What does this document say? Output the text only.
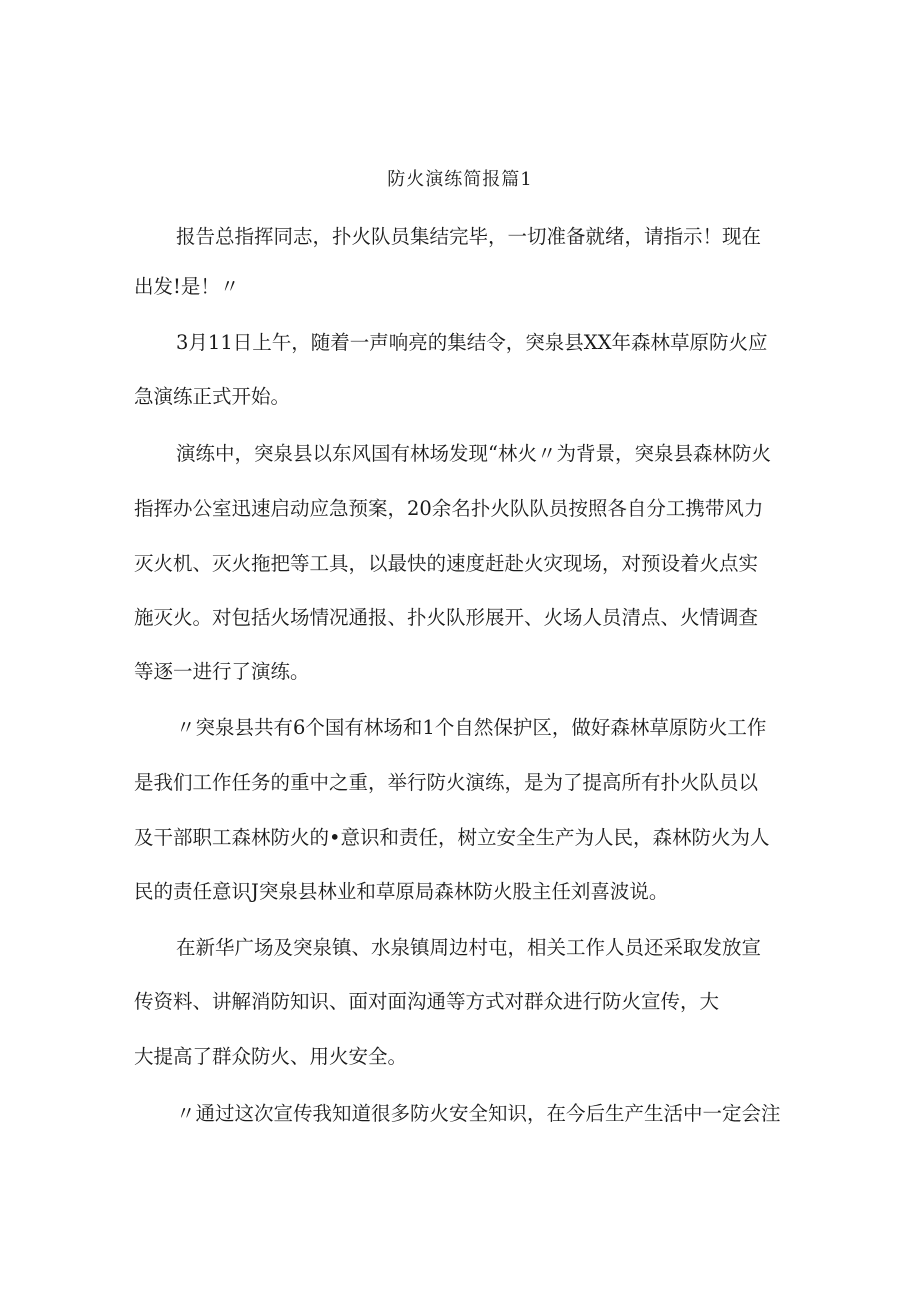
防火演练简报篇1
报告总指挥同志，扑火队员集结完毕，一切准备就绪，请指示！现在
出发!是！〃
3月11日上午，随着一声响亮的集结令，突泉县XX年森林草原防火应
急演练正式开始。
演练中，突泉县以东风国有林场发现“林火〃为背景，突泉县森林防火
指挥办公室迅速启动应急预案，20余名扑火队队员按照各自分工携带风力
灭火机、灭火拖把等工具，以最快的速度赶赴火灾现场，对预设着火点实
施灭火。对包括火场情况通报、扑火队形展开、火场人员清点、火情调查
等逐一进行了演练。
〃突泉县共有6个国有林场和1个自然保护区，做好森林草原防火工作
是我们工作任务的重中之重，举行防火演练，是为了提高所有扑火队员以
及干部职工森林防火的•意识和责任，树立安全生产为人民，森林防火为人
民的责任意识J突泉县林业和草原局森林防火股主任刘喜波说。
在新华广场及突泉镇、水泉镇周边村屯，相关工作人员还采取发放宣
传资料、讲解消防知识、面对面沟通等方式对群众进行防火宣传，大
大提高了群众防火、用火安全。
〃通过这次宣传我知道很多防火安全知识，在今后生产生活中一定会注
